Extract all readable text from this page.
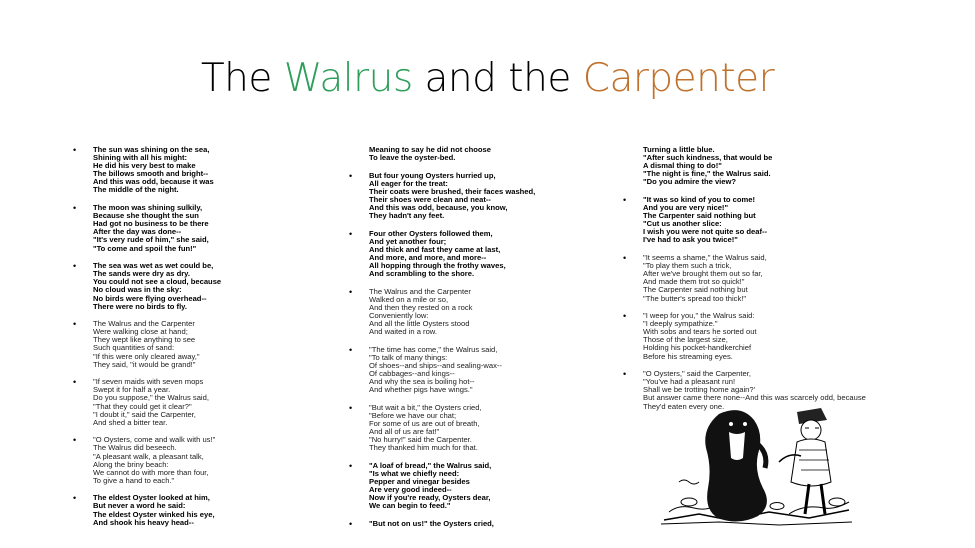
The Walrus and the Carpenter
• The sun was shining on the sea,
Shining with all his might:
He did his very best to make
The billows smooth and bright--
And this was odd, because it was
The middle of the night.
• The moon was shining sulkily,
Because she thought the sun
Had got no business to be there
After the day was done--
"It's very rude of him," she said,
"To come and spoil the fun!"
• The sea was wet as wet could be,
The sands were dry as dry.
You could not see a cloud, because
No cloud was in the sky:
No birds were flying overhead--
There were no birds to fly.
• The Walrus and the Carpenter
Were walking close at hand;
They wept like anything to see
Such quantities of sand:
"If this were only cleared away,"
They said, "it would be grand!"
• "If seven maids with seven mops
Swept it for half a year.
Do you suppose," the Walrus said,
"That they could get it clear?"
"I doubt it," said the Carpenter,
And shed a bitter tear.
• "O Oysters, come and walk with us!"
The Walrus did beseech.
"A pleasant walk, a pleasant talk,
Along the briny beach:
We cannot do with more than four,
To give a hand to each."
• The eldest Oyster looked at him,
But never a word he said:
The eldest Oyster winked his eye,
And shook his heavy head--
Meaning to say he did not choose
To leave the oyster-bed.
• But four young Oysters hurried up,
All eager for the treat:
Their coats were brushed, their faces washed,
Their shoes were clean and neat--
And this was odd, because, you know,
They hadn't any feet.
• Four other Oysters followed them,
And yet another four;
And thick and fast they came at last,
And more, and more, and more--
All hopping through the frothy waves,
And scrambling to the shore.
• The Walrus and the Carpenter
Walked on a mile or so,
And then they rested on a rock
Conveniently low:
And all the little Oysters stood
And waited in a row.
• "The time has come," the Walrus said,
"To talk of many things:
Of shoes--and ships--and sealing-wax--
Of cabbages--and kings--
And why the sea is boiling hot--
And whether pigs have wings."
• "But wait a bit," the Oysters cried,
"Before we have our chat;
For some of us are out of breath,
And all of us are fat!"
"No hurry!" said the Carpenter.
They thanked him much for that.
• "A loaf of bread," the Walrus said,
"Is what we chiefly need:
Pepper and vinegar besides
Are very good indeed--
Now if you're ready, Oysters dear,
We can begin to feed."
• "But not on us!" the Oysters cried,
Turning a little blue.
"After such kindness, that would be
A dismal thing to do!"
"The night is fine," the Walrus said.
"Do you admire the view?
• "It was so kind of you to come!
And you are very nice!"
The Carpenter said nothing but
"Cut us another slice:
I wish you were not quite so deaf--
I've had to ask you twice!"
• "It seems a shame," the Walrus said,
"To play them such a trick,
After we've brought them out so far,
And made them trot so quick!"
The Carpenter said nothing but
"The butter's spread too thick!"
• "I weep for you," the Walrus said:
"I deeply sympathize."
With sobs and tears he sorted out
Those of the largest size,
Holding his pocket-handkerchief
Before his streaming eyes.
• "O Oysters," said the Carpenter,
"You've had a pleasant run!
Shall we be trotting home again?'
But answer came there none--And this was scarcely odd, because
They'd eaten every one.
